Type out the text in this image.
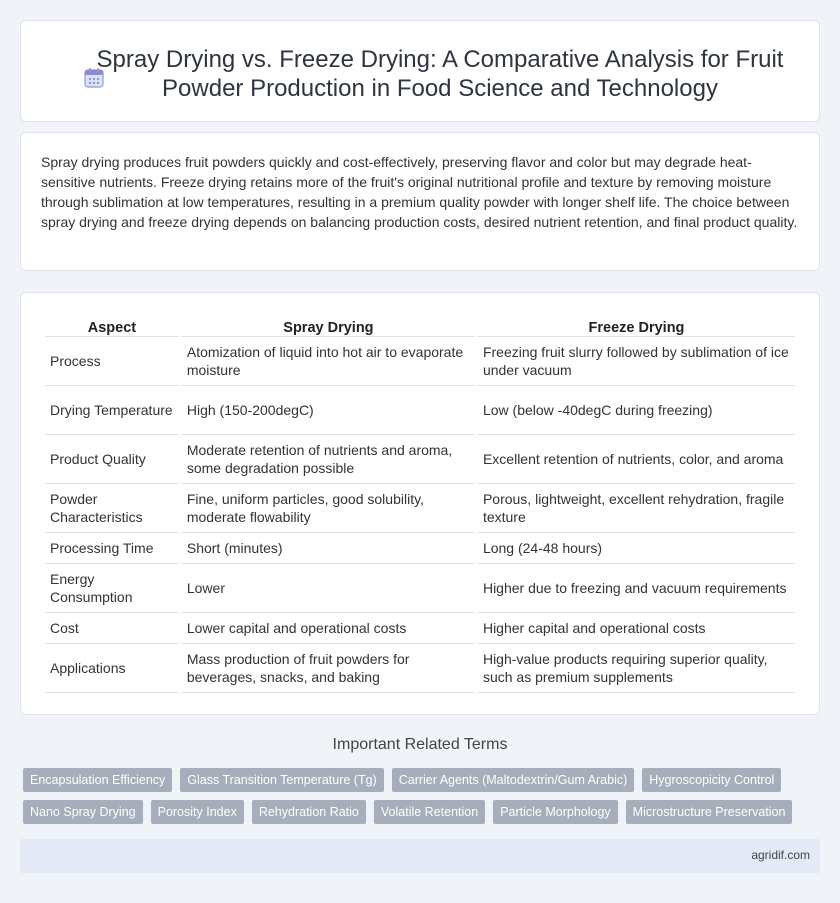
Spray Drying vs. Freeze Drying: A Comparative Analysis for Fruit Powder Production in Food Science and Technology

Spray drying produces fruit powders quickly and cost-effectively, preserving flavor and color but may degrade heat-sensitive nutrients. Freeze drying retains more of the fruit's original nutritional profile and texture by removing moisture through sublimation at low temperatures, resulting in a premium quality powder with longer shelf life. The choice between spray drying and freeze drying depends on balancing production costs, desired nutrient retention, and final product quality.

Aspect	Spray Drying	Freeze Drying
Process	Atomization of liquid into hot air to evaporate moisture	Freezing fruit slurry followed by sublimation of ice under vacuum
Drying Temperature	High (150-200degC)	Low (below -40degC during freezing)
Product Quality	Moderate retention of nutrients and aroma, some degradation possible	Excellent retention of nutrients, color, and aroma
Powder Characteristics	Fine, uniform particles, good solubility, moderate flowability	Porous, lightweight, excellent rehydration, fragile texture
Processing Time	Short (minutes)	Long (24-48 hours)
Energy Consumption	Lower	Higher due to freezing and vacuum requirements
Cost	Lower capital and operational costs	Higher capital and operational costs
Applications	Mass production of fruit powders for beverages, snacks, and baking	High-value products requiring superior quality, such as premium supplements
Important Related Terms
Encapsulation Efficiency	Glass Transition Temperature (Tg)	Carrier Agents (Maltodextrin/Gum Arabic)	Hygroscopicity Control
Nano Spray Drying	Porosity Index	Rehydration Ratio	Volatile Retention	Particle Morphology	Microstructure Preservation
agridif.com
